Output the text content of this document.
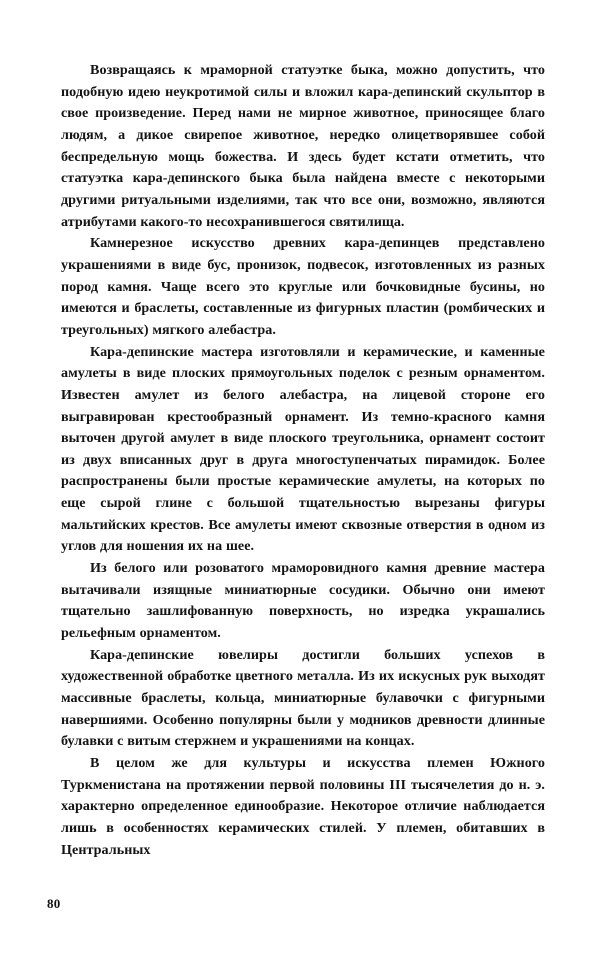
Возвращаясь к мраморной статуэтке быка, можно допустить, что подобную идею неукротимой силы и вложил кара-депинский скульптор в свое произведение. Перед нами не мирное животное, приносящее благо людям, а дикое свирепое животное, нередко олицетворявшее собой беспредельную мощь божества. И здесь будет кстати отметить, что статуэтка кара-депинского быка была найдена вместе с некоторыми другими ритуальными изделиями, так что все они, возможно, являются атрибутами какого-то несохранившегося святилища.

Камнерезное искусство древних кара-депинцев представлено украшениями в виде бус, пронизок, подвесок, изготовленных из разных пород камня. Чаще всего это круглые или бочковидные бусины, но имеются и браслеты, составленные из фигурных пластин (ромбических и треугольных) мягкого алебастра.

Кара-депинские мастера изготовляли и керамические, и каменные амулеты в виде плоских прямоугольных поделок с резным орнаментом. Известен амулет из белого алебастра, на лицевой стороне его выгравирован крестообразный орнамент. Из темно-красного камня выточен другой амулет в виде плоского треугольника, орнамент состоит из двух вписанных друг в друга многоступенчатых пирамидок. Более распространены были простые керамические амулеты, на которых по еще сырой глине с большой тщательностью вырезаны фигуры мальтийских крестов. Все амулеты имеют сквозные отверстия в одном из углов для ношения их на шее.

Из белого или розоватого мраморовидного камня древние мастера вытачивали изящные миниатюрные сосудики. Обычно они имеют тщательно зашлифованную поверхность, но изредка украшались рельефным орнаментом.

Кара-депинские ювелиры достигли больших успехов в художественной обработке цветного металла. Из их искусных рук выходят массивные браслеты, кольца, миниатюрные булавочки с фигурными навершиями. Особенно популярны были у модников древности длинные булавки с витым стержнем и украшениями на концах.

В целом же для культуры и искусства племен Южного Туркменистана на протяжении первой половины III тысячелетия до н. э. характерно определенное единообразие. Некоторое отличие наблюдается лишь в особенностях керамических стилей. У племен, обитавших в Центральных

80
